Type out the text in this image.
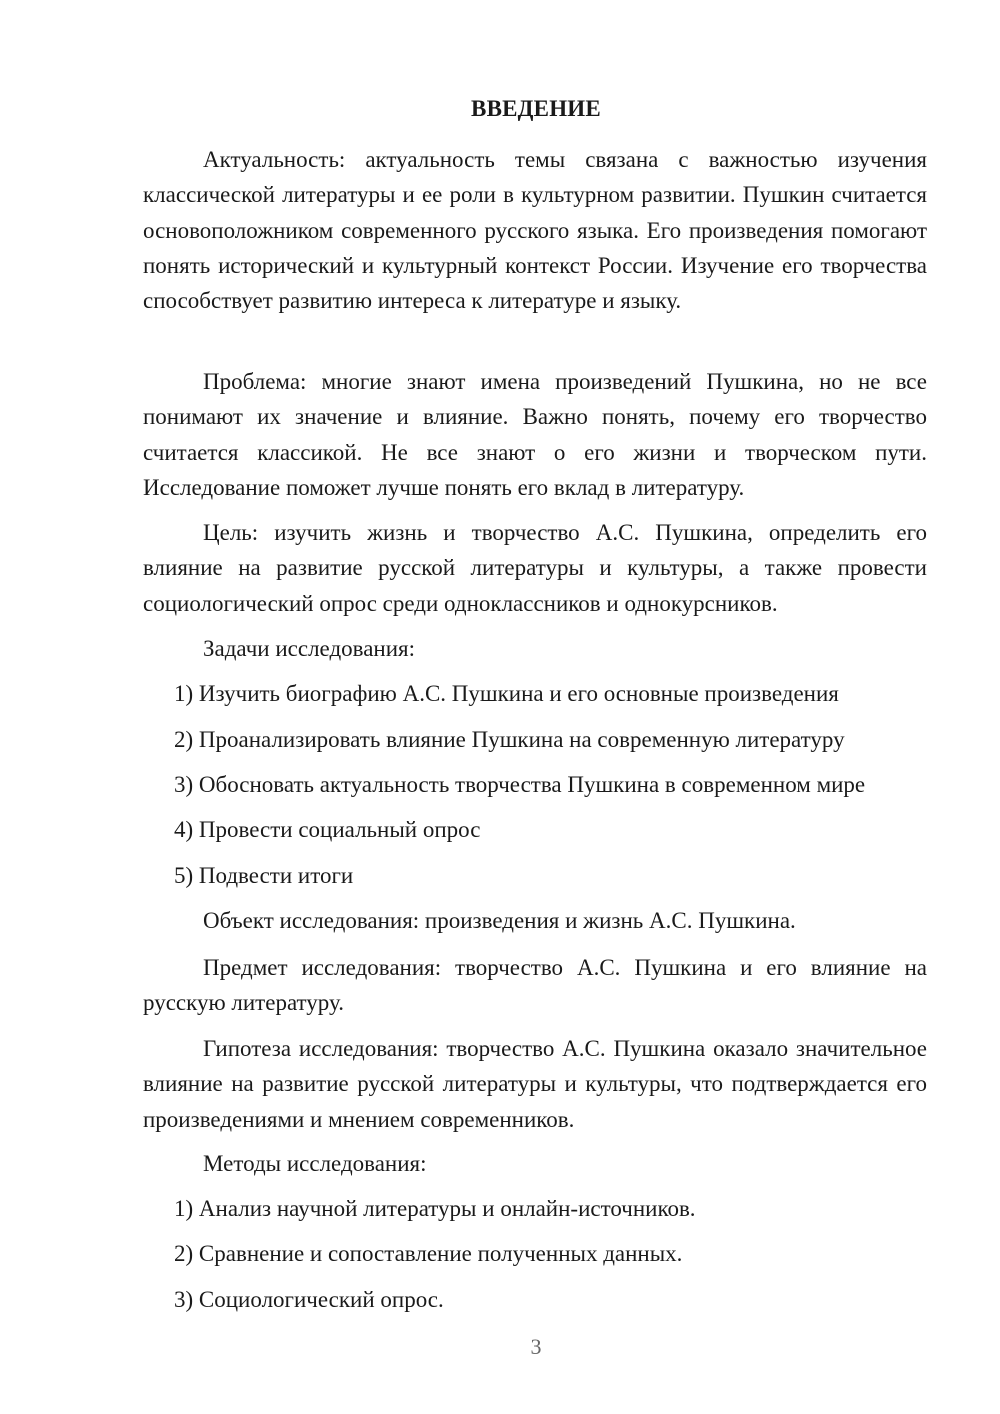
ВВЕДЕНИЕ

Актуальность: актуальность темы связана с важностью изучения классической литературы и ее роли в культурном развитии. Пушкин считается основоположником современного русского языка. Его произведения помогают понять исторический и культурный контекст России. Изучение его творчества способствует развитию интереса к литературе и языку.

Проблема: многие знают имена произведений Пушкина, но не все понимают их значение и влияние. Важно понять, почему его творчество считается классикой. Не все знают о его жизни и творческом пути. Исследование поможет лучше понять его вклад в литературу.

Цель: изучить жизнь и творчество А.С. Пушкина, определить его влияние на развитие русской литературы и культуры, а также провести социологический опрос среди одноклассников и однокурсников.

Задачи исследования:

1) Изучить биографию А.С. Пушкина и его основные произведения

2) Проанализировать влияние Пушкина на современную литературу

3) Обосновать актуальность творчества Пушкина в современном мире

4) Провести социальный опрос

5) Подвести итоги

Объект исследования: произведения и жизнь А.С. Пушкина.

Предмет исследования: творчество А.С. Пушкина и его влияние на русскую литературу.

Гипотеза исследования: творчество А.С. Пушкина оказало значительное влияние на развитие русской литературы и культуры, что подтверждается его произведениями и мнением современников.

Методы исследования:

1) Анализ научной литературы и онлайн-источников.

2) Сравнение и сопоставление полученных данных.

3) Социологический опрос.

3
